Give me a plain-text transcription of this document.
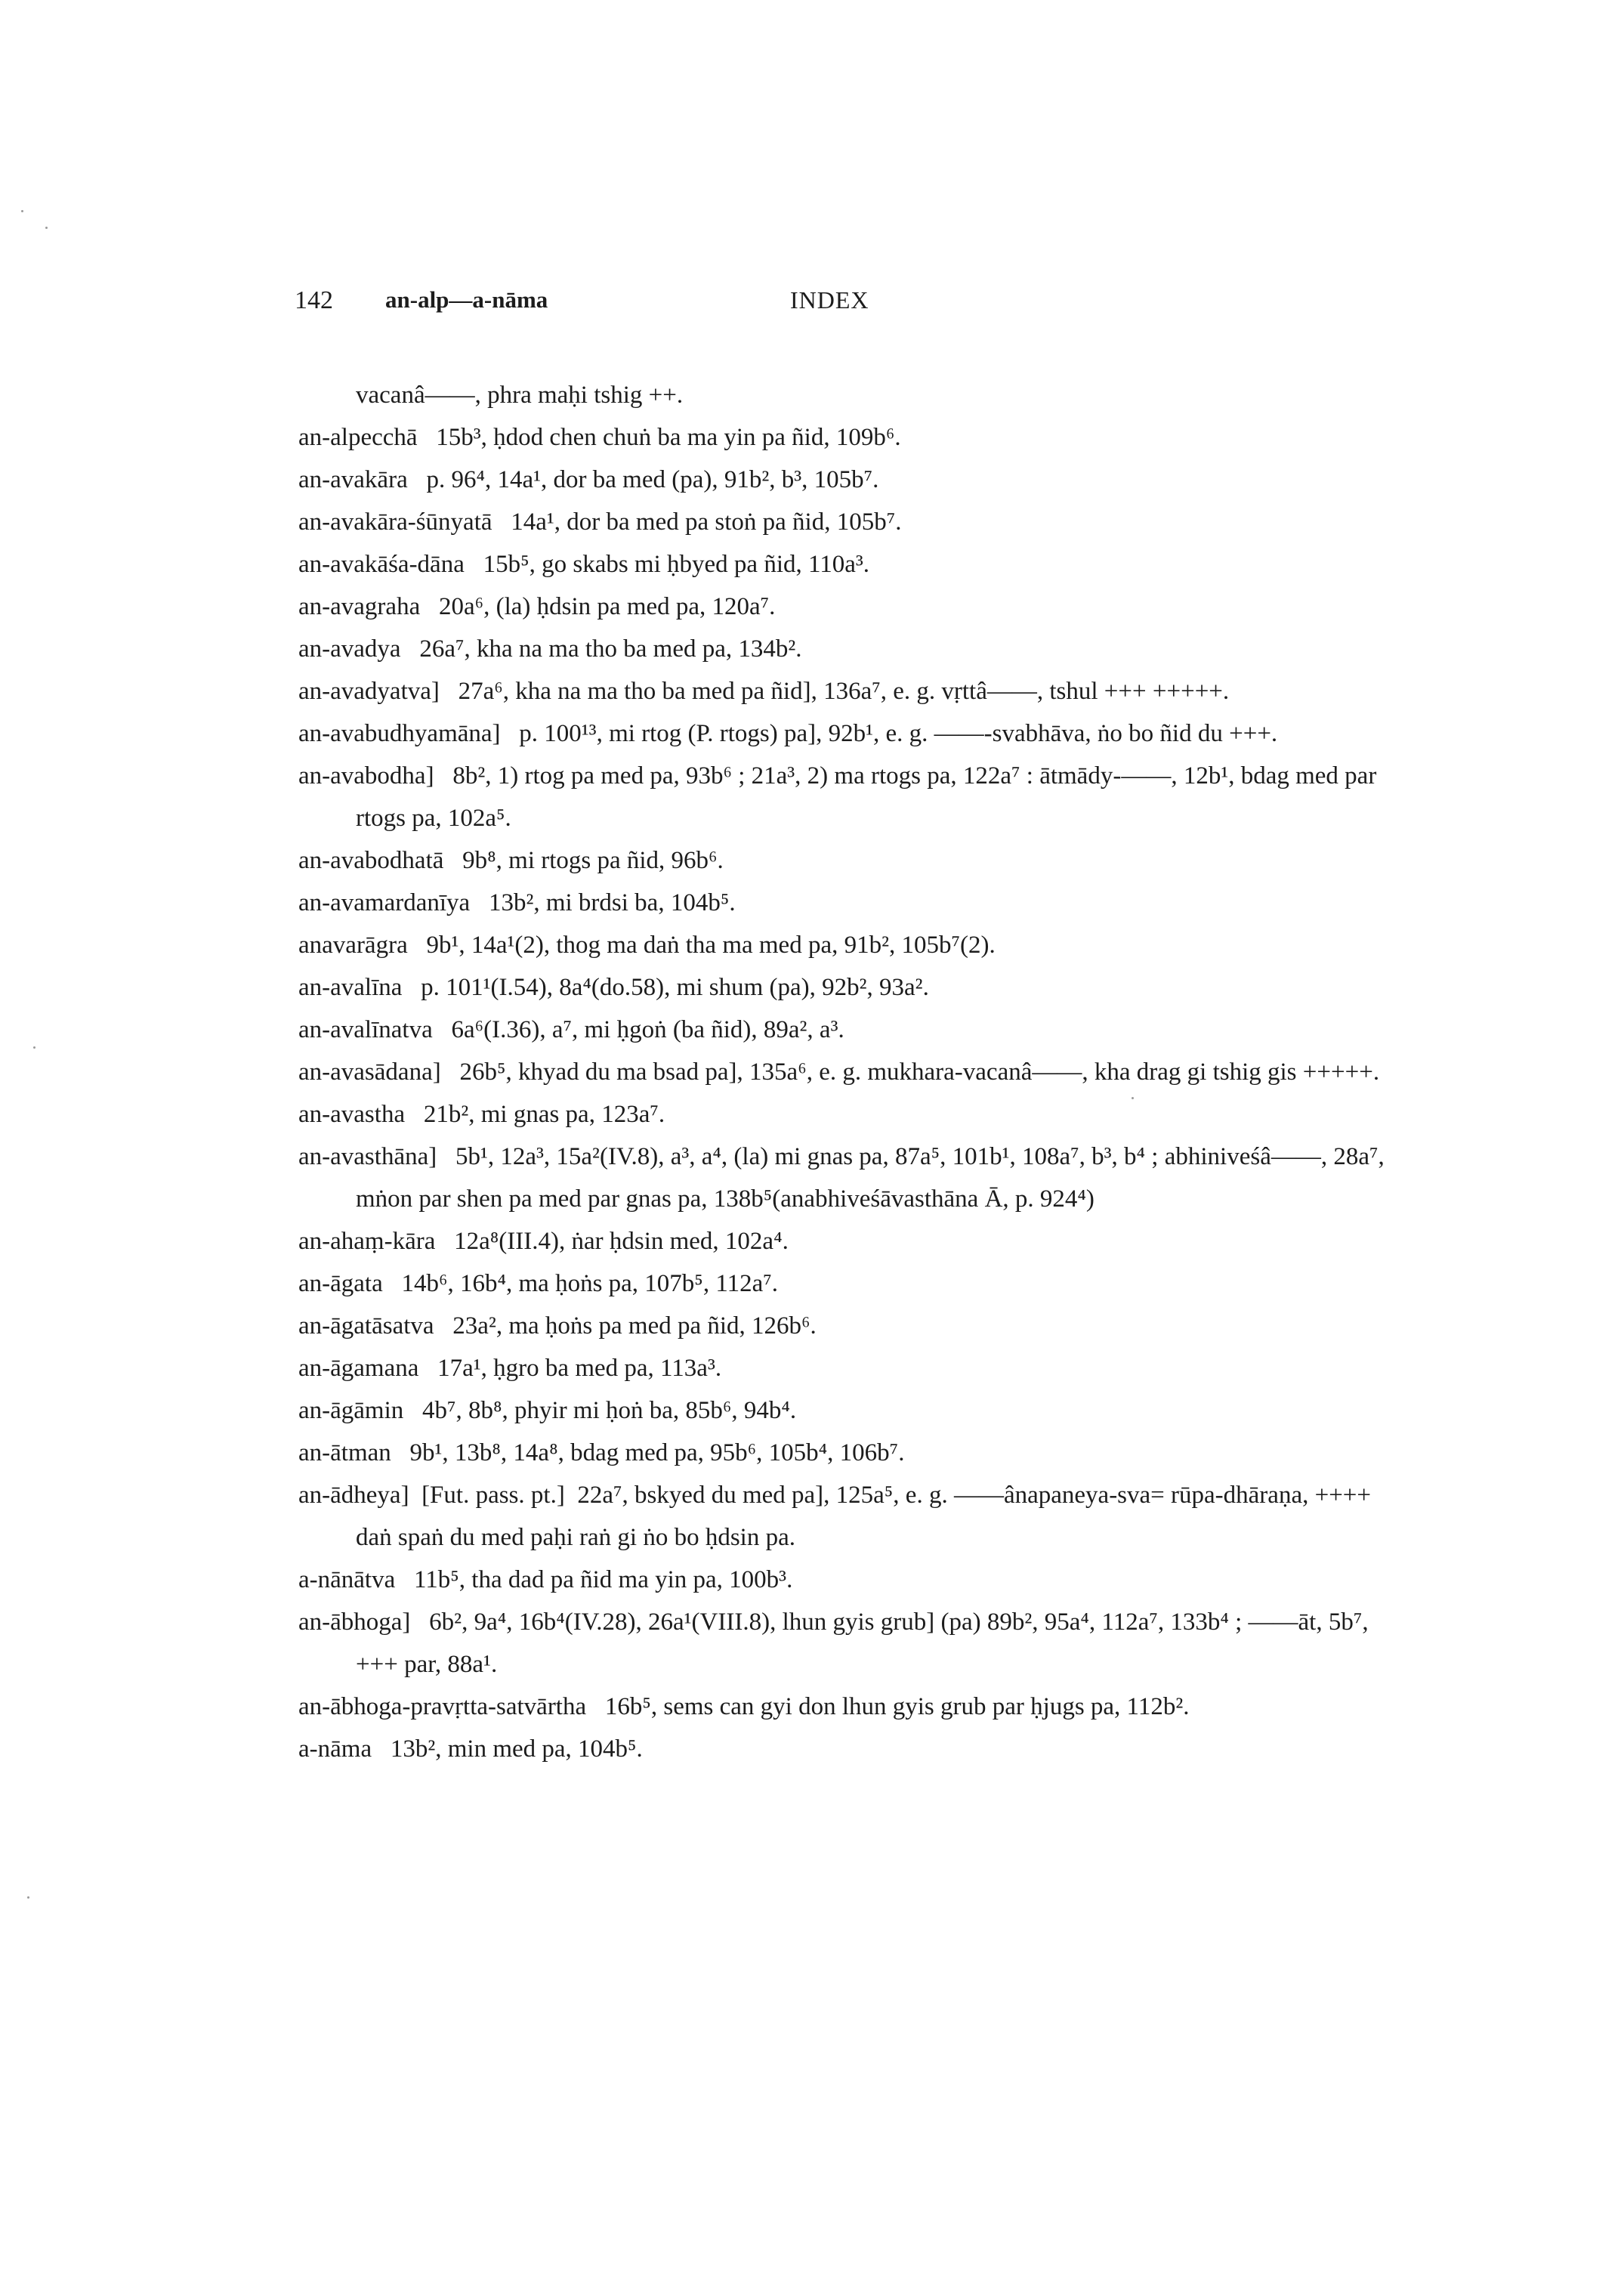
142 an-alp—a-nāma	INDEX
vacanâ——, phra maḥi tshig ++.
an-alpecchā   15b³, ḥdod chen chuṅ ba ma yin pa ñid, 109b⁶.
an-avakāra   p. 96⁴, 14a¹, dor ba med (pa), 91b², b³, 105b⁷.
an-avakāra-śūnyatā   14a¹, dor ba med pa stoṅ pa ñid, 105b⁷.
an-avakāśa-dāna   15b⁵, go skabs mi ḥbyed pa ñid, 110a³.
an-avagraha   20a⁶, (la) ḥdsin pa med pa, 120a⁷.
an-avadya   26a⁷, kha na ma tho ba med pa, 134b².
an-avadyatva]   27a⁶, kha na ma tho ba med pa ñid], 136a⁷, e. g. vṛttâ——, tshul +++ +++++.
an-avabudhyamāna]   p. 100¹³, mi rtog (P. rtogs) pa], 92b¹, e. g. ——-svabhāva, ṅo bo ñid du +++.
an-avabodha]   8b², 1) rtog pa med pa, 93b⁶ ; 21a³, 2) ma rtogs pa, 122a⁷ : ātmādy-——, 12b¹, bdag med par rtogs pa, 102a⁵.
an-avabodhatā   9b⁸, mi rtogs pa ñid, 96b⁶.
an-avamardanīya   13b², mi brdsi ba, 104b⁵.
anavarāgra   9b¹, 14a¹(2), thog ma daṅ tha ma med pa, 91b², 105b⁷(2).
an-avalīna   p. 101¹(I.54), 8a⁴(do.58), mi shum (pa), 92b², 93a².
an-avalīnatva   6a⁶(I.36), a⁷, mi ḥgoṅ (ba ñid), 89a², a³.
an-avasādana]   26b⁵, khyad du ma bsad pa], 135a⁶, e. g. mukhara-vacanâ——, kha drag gi tshig gis +++++.
an-avastha   21b², mi gnas pa, 123a⁷.
an-avasthāna]   5b¹, 12a³, 15a²(IV.8), a³, a⁴, (la) mi gnas pa, 87a⁵, 101b¹, 108a⁷, b³, b⁴ ; abhiniveśâ——, 28a⁷, mṅon par shen pa med par gnas pa, 138b⁵(anabhiveśāvasthāna Ā, p. 924⁴)
an-ahaṃ-kāra   12a⁸(III.4), ṅar ḥdsin med, 102a⁴.
an-āgata   14b⁶, 16b⁴, ma ḥoṅs pa, 107b⁵, 112a⁷.
an-āgatāsatva   23a², ma ḥoṅs pa med pa ñid, 126b⁶.
an-āgamana   17a¹, ḥgro ba med pa, 113a³.
an-āgāmin   4b⁷, 8b⁸, phyir mi ḥoṅ ba, 85b⁶, 94b⁴.
an-ātman   9b¹, 13b⁸, 14a⁸, bdag med pa, 95b⁶, 105b⁴, 106b⁷.
an-ādheya]  [Fut. pass. pt.]  22a⁷, bskyed du med pa], 125a⁵, e. g. ——ânapaneya-sva= rūpa-dhāraṇa, ++++ daṅ spaṅ du med paḥi raṅ gi ṅo bo ḥdsin pa.
a-nānātva   11b⁵, tha dad pa ñid ma yin pa, 100b³.
an-ābhoga]   6b², 9a⁴, 16b⁴(IV.28), 26a¹(VIII.8), lhun gyis grub] (pa) 89b², 95a⁴, 112a⁷, 133b⁴ ; ——āt, 5b⁷, +++ par, 88a¹.
an-ābhoga-pravṛtta-satvārtha   16b⁵, sems can gyi don lhun gyis grub par ḥjugs pa, 112b².
a-nāma   13b², min med pa, 104b⁵.
